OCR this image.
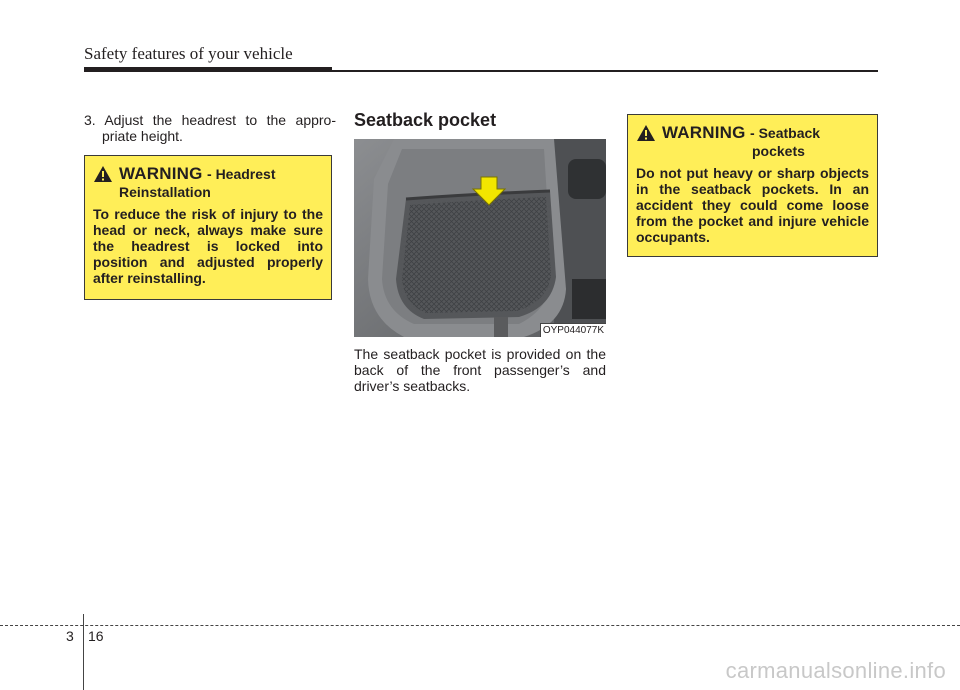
Safety features of your vehicle
3. Adjust the headrest to the appro- priate height.
WARNING - Headrest
Reinstallation
To reduce the risk of injury to the head or neck, always make sure the headrest is locked into position and adjusted properly after reinstalling.
Seatback pocket
OYP044077K
The seatback pocket is provided on the back of the front passenger’s and driver’s seatbacks.
WARNING - Seatback
pockets
Do not put heavy or sharp objects in the seatback pockets. In an accident they could come loose from the pocket and injure vehicle occupants.
3 16
carmanualsonline.info
